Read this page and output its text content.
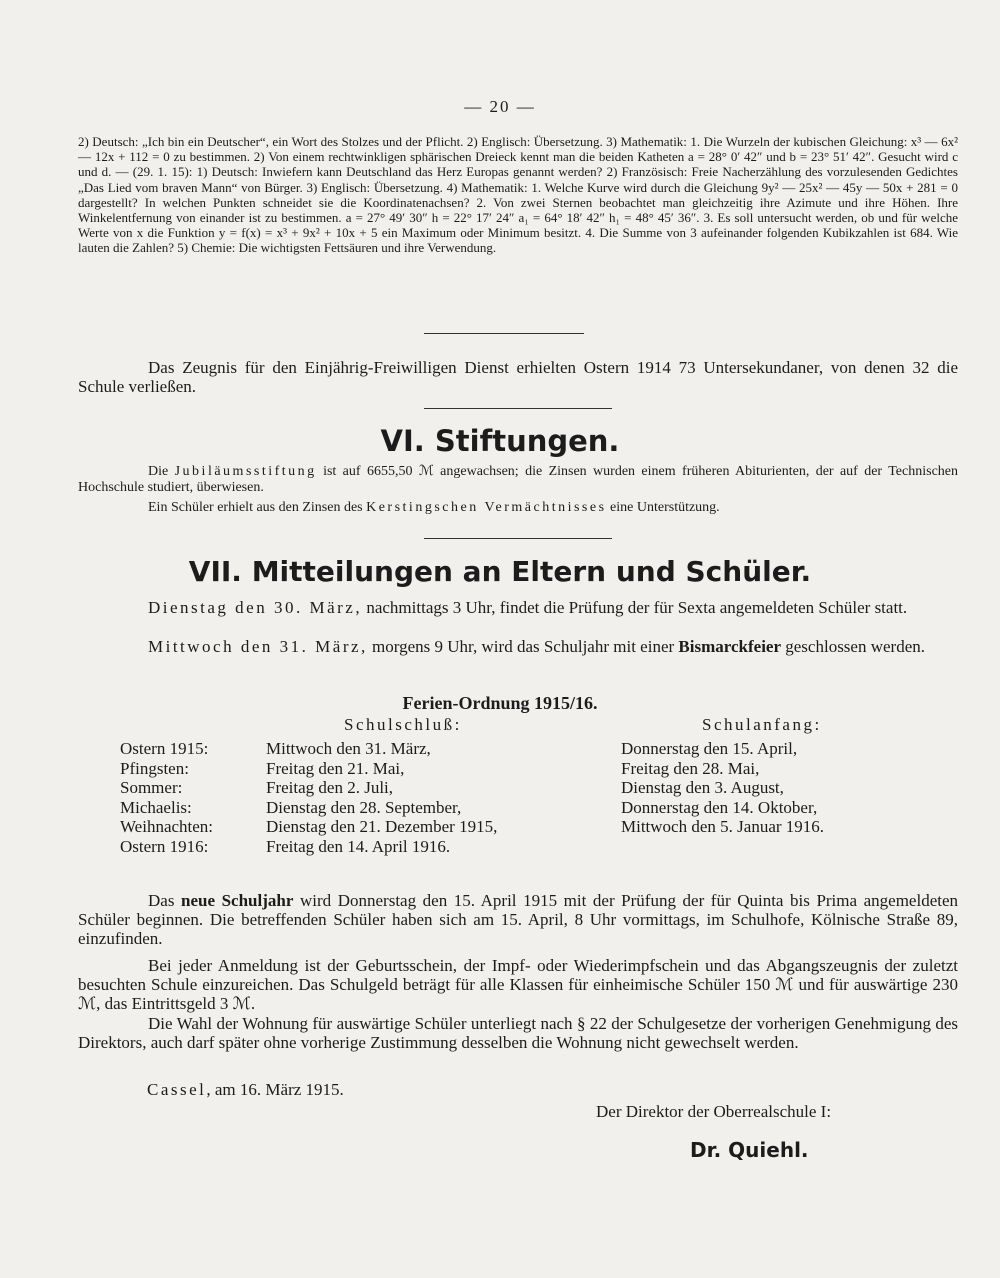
— 20 —
2) Deutsch: „Ich bin ein Deutscher“, ein Wort des Stolzes und der Pflicht. 2) Englisch: Übersetzung. 3) Mathematik: 1. Die Wurzeln der kubischen Gleichung: x³ — 6x² — 12x + 112 = 0 zu bestimmen. 2) Von einem rechtwinkligen sphärischen Dreieck kennt man die beiden Katheten a = 28° 0′ 42″ und b = 23° 51′ 42″. Gesucht wird c und d. — (29. 1. 15): 1) Deutsch: Inwiefern kann Deutschland das Herz Europas genannt werden? 2) Französisch: Freie Nacherzählung des vorzulesenden Gedichtes „Das Lied vom braven Mann“ von Bürger. 3) Englisch: Übersetzung. 4) Mathematik: 1. Welche Kurve wird durch die Gleichung 9y² — 25x² — 45y — 50x + 281 = 0 dargestellt? In welchen Punkten schneidet sie die Koordinatenachsen? 2. Von zwei Sternen beobachtet man gleichzeitig ihre Azimute und ihre Höhen. Ihre Winkelentfernung von einander ist zu bestimmen. a = 27° 49′ 30″ h = 22° 17′ 24″ a₁ = 64° 18′ 42″ h₁ = 48° 45′ 36″. 3. Es soll untersucht werden, ob und für welche Werte von x die Funktion y = f(x) = x³ + 9x² + 10x + 5 ein Maximum oder Minimum besitzt. 4. Die Summe von 3 aufeinander folgenden Kubikzahlen ist 684. Wie lauten die Zahlen? 5) Chemie: Die wichtigsten Fettsäuren und ihre Verwendung.
Das Zeugnis für den Einjährig-Freiwilligen Dienst erhielten Ostern 1914 73 Untersekundaner, von denen 32 die Schule verließen.
VI. Stiftungen.
Die Jubiläumsstiftung ist auf 6655,50 ℳ angewachsen; die Zinsen wurden einem früheren Abiturienten, der auf der Technischen Hochschule studiert, überwiesen.
Ein Schüler erhielt aus den Zinsen des Kerstingschen Vermächtnisses eine Unterstützung.
VII. Mitteilungen an Eltern und Schüler.
Dienstag den 30. März, nachmittags 3 Uhr, findet die Prüfung der für Sexta angemeldeten Schüler statt.
Mittwoch den 31. März, morgens 9 Uhr, wird das Schuljahr mit einer Bismarckfeier geschlossen werden.
Ferien-Ordnung 1915/16.
Schulschluß:	Schulanfang:
Ostern 1915:
Pfingsten:
Sommer:
Michaelis:
Weihnachten:
Ostern 1916:
Mittwoch den 31. März,
Freitag den 21. Mai,
Freitag den 2. Juli,
Dienstag den 28. September,
Dienstag den 21. Dezember 1915,
Freitag den 14. April 1916.
Donnerstag den 15. April,
Freitag den 28. Mai,
Dienstag den 3. August,
Donnerstag den 14. Oktober,
Mittwoch den 5. Januar 1916.
Das neue Schuljahr wird Donnerstag den 15. April 1915 mit der Prüfung der für Quinta bis Prima angemeldeten Schüler beginnen. Die betreffenden Schüler haben sich am 15. April, 8 Uhr vormittags, im Schulhofe, Kölnische Straße 89, einzufinden.
Bei jeder Anmeldung ist der Geburtsschein, der Impf- oder Wiederimpfschein und das Abgangszeugnis der zuletzt besuchten Schule einzureichen. Das Schulgeld beträgt für alle Klassen für einheimische Schüler 150 ℳ und für auswärtige 230 ℳ, das Eintrittsgeld 3 ℳ.
Die Wahl der Wohnung für auswärtige Schüler unterliegt nach § 22 der Schulgesetze der vorherigen Genehmigung des Direktors, auch darf später ohne vorherige Zustimmung desselben die Wohnung nicht gewechselt werden.
Cassel, am 16. März 1915.
Der Direktor der Oberrealschule I:
Dr. Quiehl.
